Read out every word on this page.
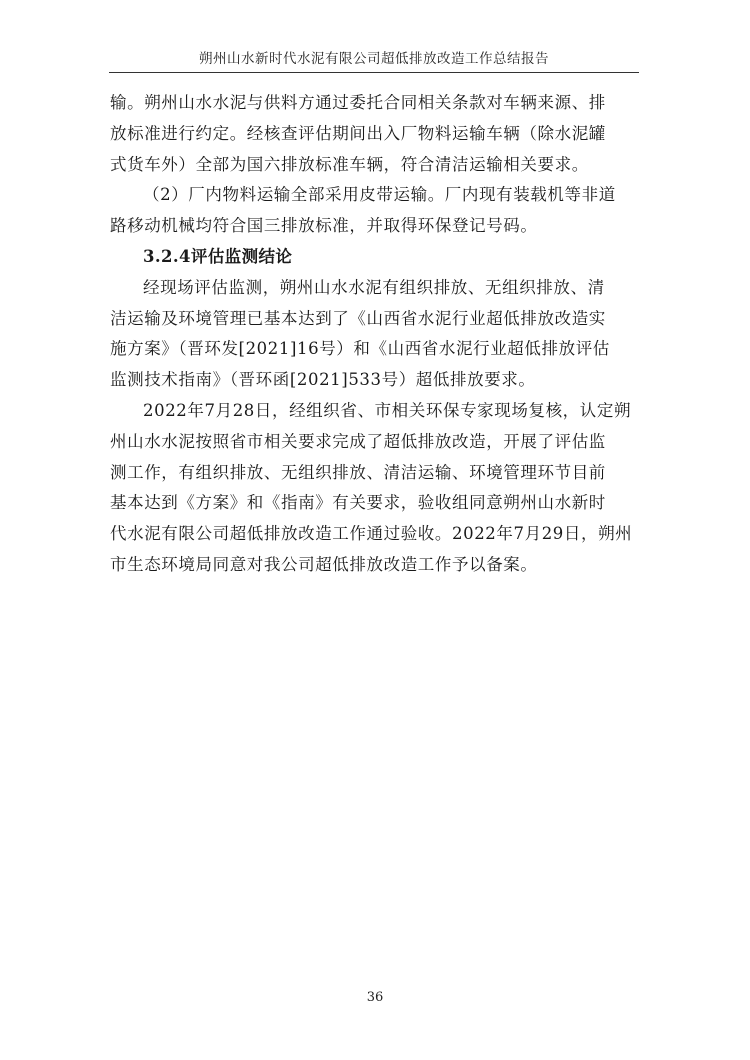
朔州山水新时代水泥有限公司超低排放改造工作总结报告
输。朔州山水水泥与供料方通过委托合同相关条款对车辆来源、排
放标准进行约定。经核查评估期间出入厂物料运输车辆（除水泥罐
式货车外）全部为国六排放标准车辆，符合清洁运输相关要求。
（2）厂内物料运输全部采用皮带运输。厂内现有装载机等非道
路移动机械均符合国三排放标准，并取得环保登记号码。
3.2.4评估监测结论
经现场评估监测，朔州山水水泥有组织排放、无组织排放、清
洁运输及环境管理已基本达到了《山西省水泥行业超低排放改造实
施方案》（晋环发[2021]16号）和《山西省水泥行业超低排放评估
监测技术指南》（晋环函[2021]533号）超低排放要求。
2022年7月28日，经组织省、市相关环保专家现场复核，认定朔
州山水水泥按照省市相关要求完成了超低排放改造，开展了评估监
测工作，有组织排放、无组织排放、清洁运输、环境管理环节目前
基本达到《方案》和《指南》有关要求，验收组同意朔州山水新时
代水泥有限公司超低排放改造工作通过验收。2022年7月29日，朔州
市生态环境局同意对我公司超低排放改造工作予以备案。
36
